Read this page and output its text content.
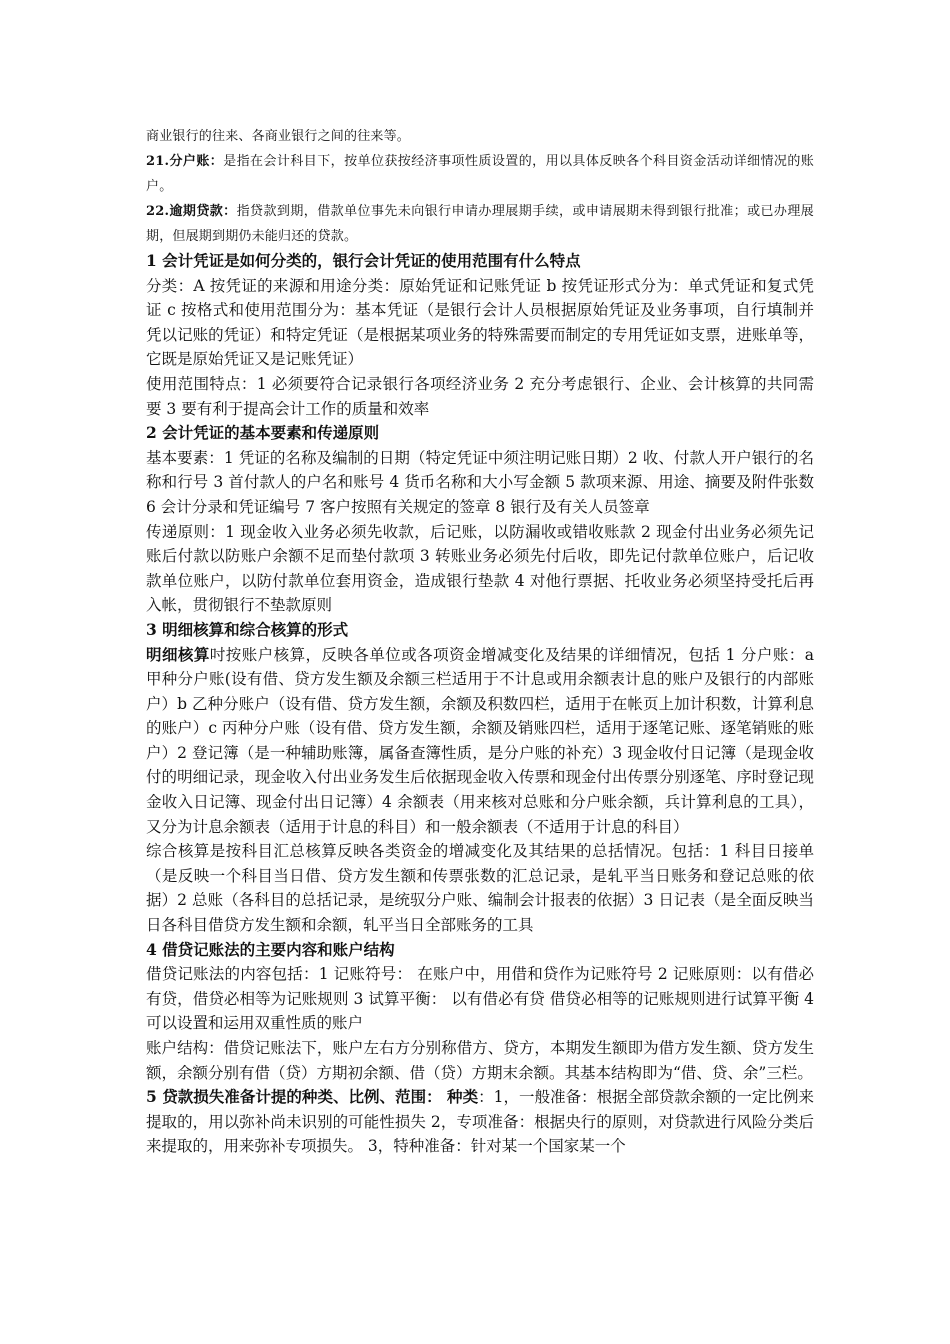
商业银行的往来、各商业银行之间的往来等。

21.分户账：是指在会计科目下，按单位获按经济事项性质设置的，用以具体反映各个科目资金活动详细情况的账户。

22.逾期贷款：指贷款到期，借款单位事先未向银行申请办理展期手续，或申请展期未得到银行批准；或已办理展期，但展期到期仍未能归还的贷款。

1 会计凭证是如何分类的，银行会计凭证的使用范围有什么特点

分类：A 按凭证的来源和用途分类：原始凭证和记账凭证 b 按凭证形式分为：单式凭证和复式凭证 c 按格式和使用范围分为：基本凭证（是银行会计人员根据原始凭证及业务事项，自行填制并凭以记账的凭证）和特定凭证（是根据某项业务的特殊需要而制定的专用凭证如支票，进账单等，它既是原始凭证又是记账凭证）

使用范围特点：1 必须要符合记录银行各项经济业务 2 充分考虑银行、企业、会计核算的共同需要 3 要有利于提高会计工作的质量和效率

2 会计凭证的基本要素和传递原则

基本要素：1 凭证的名称及编制的日期（特定凭证中须注明记账日期）2 收、付款人开户银行的名称和行号 3 首付款人的户名和账号 4 货币名称和大小写金额 5 款项来源、用途、摘要及附件张数 6 会计分录和凭证编号 7 客户按照有关规定的签章 8 银行及有关人员签章

传递原则：1 现金收入业务必须先收款，后记账，以防漏收或错收账款 2 现金付出业务必须先记账后付款以防账户余额不足而垫付款项 3 转账业务必须先付后收，即先记付款单位账户，后记收款单位账户，以防付款单位套用资金，造成银行垫款 4 对他行票据、托收业务必须坚持受托后再入帐，贯彻银行不垫款原则

3 明细核算和综合核算的形式

明细核算吋按账户核算，反映各单位或各项资金增减变化及结果的详细情况，包括 1 分户账：a 甲种分户账(设有借、贷方发生额及余额三栏适用于不计息或用余额表计息的账户及银行的内部账户）b 乙种分账户（设有借、贷方发生额，余额及积数四栏，适用于在帐页上加计积数，计算利息的账户）c 丙种分户账（设有借、贷方发生额，余额及销账四栏，适用于逐笔记账、逐笔销账的账户）2 登记簿（是一种辅助账簿，属备查簿性质，是分户账的补充）3 现金收付日记簿（是现金收付的明细记录，现金收入付出业务发生后依据现金收入传票和现金付出传票分别逐笔、序时登记现金收入日记簿、现金付出日记簿）4 余额表（用来核对总账和分户账余额，兵计算利息的工具），又分为计息余额表（适用于计息的科目）和一般余额表（不适用于计息的科目）

综合核算是按科目汇总核算反映各类资金的增减变化及其结果的总括情况。包括：1 科目日接单（是反映一个科目当日借、贷方发生额和传票张数的汇总记录，是轧平当日账务和登记总账的依据）2 总账（各科目的总括记录，是统驭分户账、编制会计报表的依据）3 日记表（是全面反映当日各科目借贷方发生额和余额，轧平当日全部账务的工具

4 借贷记账法的主要内容和账户结构

借贷记账法的内容包括：1 记账符号： 在账户中，用借和贷作为记账符号 2 记账原则：以有借必有贷，借贷必相等为记账规则 3 试算平衡： 以有借必有贷 借贷必相等的记账规则进行试算平衡 4 可以设置和运用双重性质的账户

账户结构：借贷记账法下，账户左右方分别称借方、贷方，本期发生额即为借方发生额、贷方发生额，余额分别有借（贷）方期初余额、借（贷）方期末余额。其基本结构即为“借、贷、余”三栏。

5 贷款损失准备计提的种类、比例、范围： 种类：1，一般准备：根据全部贷款余额的一定比例来提取的，用以弥补尚未识别的可能性损失 2，专项准备：根据央行的原则，对贷款进行风险分类后来提取的，用来弥补专项损失。 3，特种准备：针对某一个国家某一个
